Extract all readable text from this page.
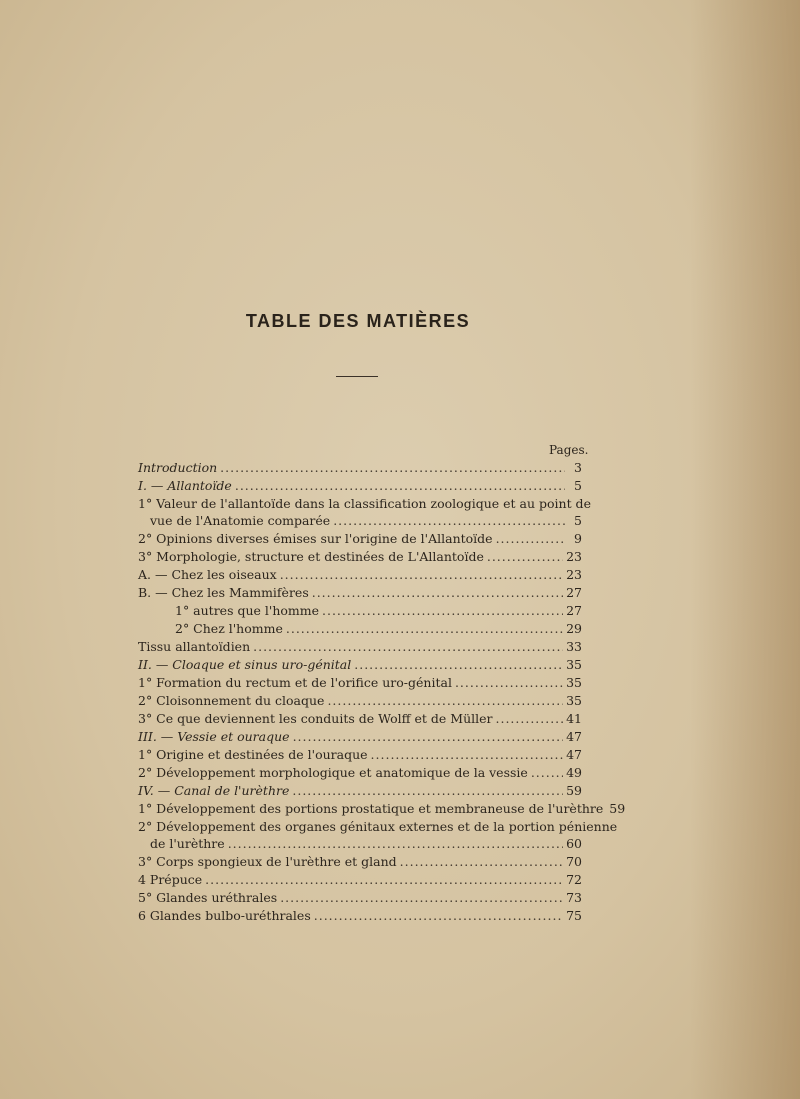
TABLE DES MATIÈRES
Pages.
Introduction .....	3
I. — Allantoïde .....	5
1° Valeur de l'allantoïde dans la classification zoologique et au point de
vue de l'Anatomie comparée .....	5
2° Opinions diverses émises sur l'origine de l'Allantoïde .....	9
3° Morphologie, structure et destinées de L'Allantoïde .....	23
A. — Chez les oiseaux .....	23
B. — Chez les Mammifères .....	27
1° autres que l'homme .....	27
2° Chez l'homme .....	29
Tissu allantoïdien .....	33
II. — Cloaque et sinus uro-génital .....	35
1° Formation du rectum et de l'orifice uro-génital .....	35
2° Cloisonnement du cloaque .....	35
3° Ce que deviennent les conduits de Wolff et de Müller .....	41
III. — Vessie et ouraque .....	47
1° Origine et destinées de l'ouraque .....	47
2° Développement morphologique et anatomique de la vessie .....	49
IV. — Canal de l'urèthre .....	59
1° Développement des portions prostatique et membraneuse de l'urèthre 59
2° Développement des organes génitaux externes et de la portion pénienne
de l'urèthre .....	60
3° Corps spongieux de l'urèthre et gland .....	70
4 Prépuce .....	72
5° Glandes uréthrales .....	73
6 Glandes bulbo-uréthrales .....	75
